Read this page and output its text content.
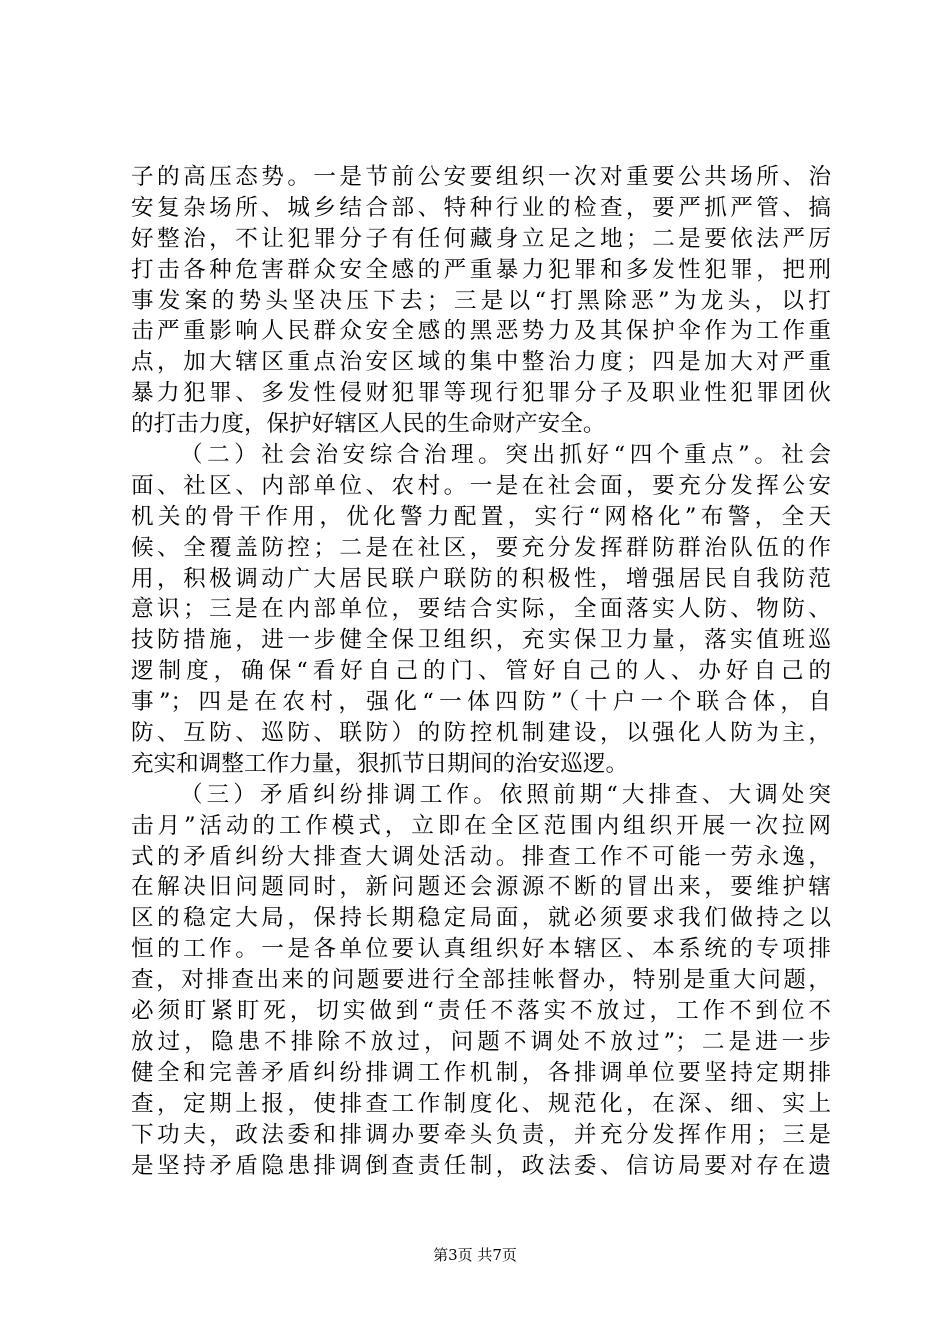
子的高压态势。一是节前公安要组织一次对重要公共场所、治
安复杂场所、城乡结合部、特种行业的检查，要严抓严管、搞
好整治，不让犯罪分子有任何藏身立足之地；二是要依法严厉
打击各种危害群众安全感的严重暴力犯罪和多发性犯罪，把刑
事发案的势头坚决压下去；三是以“打黑除恶”为龙头，以打
击严重影响人民群众安全感的黑恶势力及其保护伞作为工作重
点，加大辖区重点治安区域的集中整治力度；四是加大对严重
暴力犯罪、多发性侵财犯罪等现行犯罪分子及职业性犯罪团伙
的打击力度，保护好辖区人民的生命财产安全。
（二）社会治安综合治理。突出抓好“四个重点”。社会
面、社区、内部单位、农村。一是在社会面，要充分发挥公安
机关的骨干作用，优化警力配置，实行“网格化”布警，全天
候、全覆盖防控；二是在社区，要充分发挥群防群治队伍的作
用，积极调动广大居民联户联防的积极性，增强居民自我防范
意识；三是在内部单位，要结合实际，全面落实人防、物防、
技防措施，进一步健全保卫组织，充实保卫力量，落实值班巡
逻制度，确保“看好自己的门、管好自己的人、办好自己的
事”；四是在农村，强化“一体四防”（十户一个联合体，自
防、互防、巡防、联防）的防控机制建设，以强化人防为主，
充实和调整工作力量，狠抓节日期间的治安巡逻。
（三）矛盾纠纷排调工作。依照前期“大排查、大调处突
击月”活动的工作模式，立即在全区范围内组织开展一次拉网
式的矛盾纠纷大排查大调处活动。排查工作不可能一劳永逸，
在解决旧问题同时，新问题还会源源不断的冒出来，要维护辖
区的稳定大局，保持长期稳定局面，就必须要求我们做持之以
恒的工作。一是各单位要认真组织好本辖区、本系统的专项排
查，对排查出来的问题要进行全部挂帐督办，特别是重大问题，
必须盯紧盯死，切实做到“责任不落实不放过，工作不到位不
放过，隐患不排除不放过，问题不调处不放过”；二是进一步
健全和完善矛盾纠纷排调工作机制，各排调单位要坚持定期排
查，定期上报，使排查工作制度化、规范化，在深、细、实上
下功夫，政法委和排调办要牵头负责，并充分发挥作用；三是
是坚持矛盾隐患排调倒查责任制，政法委、信访局要对存在遗
第3页 共7页
